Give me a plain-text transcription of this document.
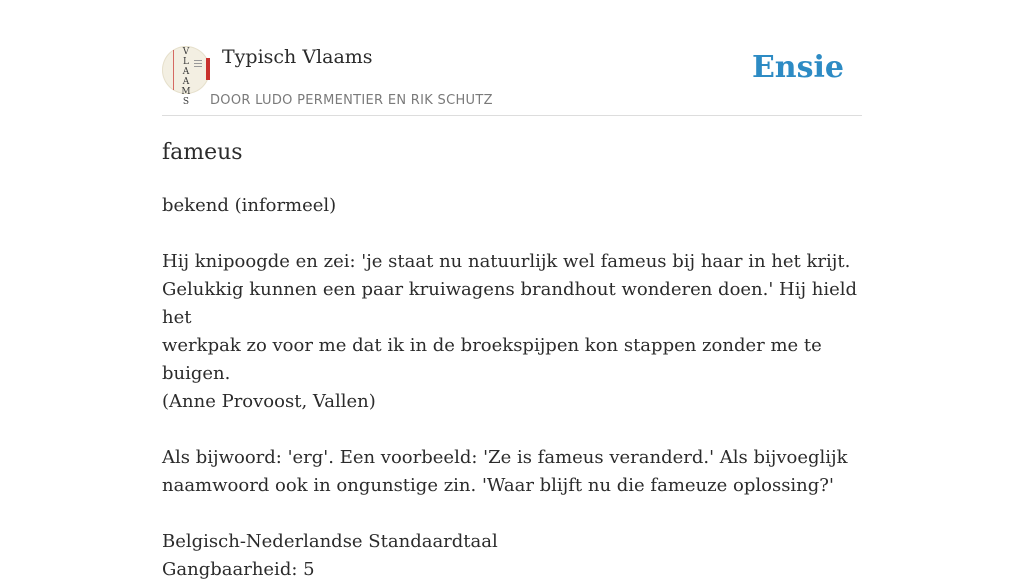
V
L
A
A
M
S
Typisch Vlaams
DOOR LUDO PERMENTIER EN RIK SCHUTZ
Ensie
fameus

bekend (informeel)

Hij knipoogde en zei: 'je staat nu natuurlijk wel fameus bij haar in het krijt.
Gelukkig kunnen een paar kruiwagens brandhout wonderen doen.' Hij hield het
werkpak zo voor me dat ik in de broekspijpen kon stappen zonder me te buigen.
(Anne Provoost, Vallen)

Als bijwoord: 'erg'. Een voorbeeld: 'Ze is fameus veranderd.' Als bijvoeglijk
naamwoord ook in ongunstige zin. 'Waar blijft nu die fameuze oplossing?'

Belgisch-Nederlandse Standaardtaal

Gangbaarheid: 5
